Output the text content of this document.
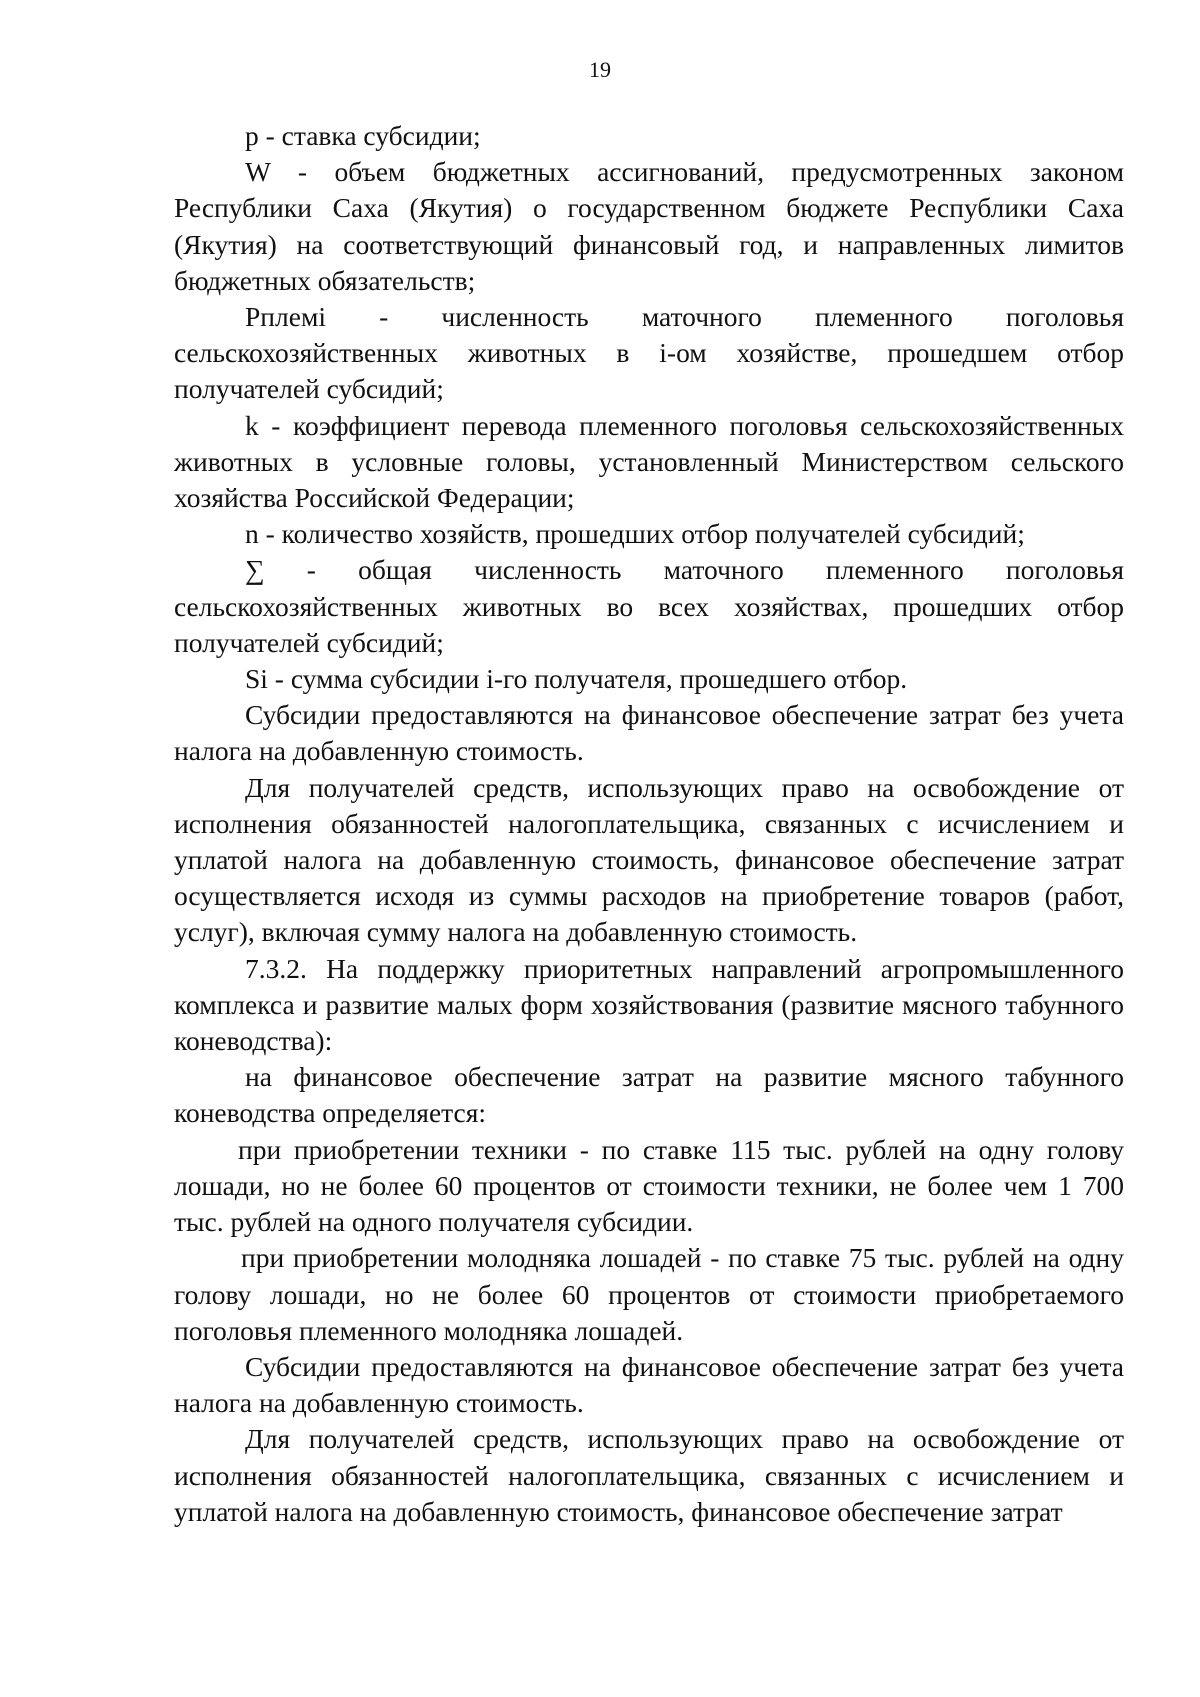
19

р - ставка субсидии;

W - объем бюджетных ассигнований, предусмотренных законом Республики Саха (Якутия) о государственном бюджете Республики Саха (Якутия) на соответствующий финансовый год, и направленных лимитов бюджетных обязательств;

Рплемi - численность маточного племенного поголовья сельскохозяйственных животных в i-ом хозяйстве, прошедшем отбор получателей субсидий;

k - коэффициент перевода племенного поголовья сельскохозяйственных животных в условные головы, установленный Министерством сельского хозяйства Российской Федерации;

n - количество хозяйств, прошедших отбор получателей субсидий;

∑ - общая численность маточного племенного поголовья сельскохозяйственных животных во всех хозяйствах, прошедших отбор получателей субсидий;

Si - сумма субсидии i-го получателя, прошедшего отбор.

Субсидии предоставляются на финансовое обеспечение затрат без учета налога на добавленную стоимость.

Для получателей средств, использующих право на освобождение от исполнения обязанностей налогоплательщика, связанных с исчислением и уплатой налога на добавленную стоимость, финансовое обеспечение затрат осуществляется исходя из суммы расходов на приобретение товаров (работ, услуг), включая сумму налога на добавленную стоимость.

7.3.2. На поддержку приоритетных направлений агропромышленного комплекса и развитие малых форм хозяйствования (развитие мясного табунного коневодства):

на финансовое обеспечение затрат на развитие мясного табунного коневодства определяется:

при приобретении техники - по ставке 115 тыс. рублей на одну голову лошади, но не более 60 процентов от стоимости техники, не более чем 1 700 тыс. рублей на одного получателя субсидии.

при приобретении молодняка лошадей - по ставке 75 тыс. рублей на одну голову лошади, но не более 60 процентов от стоимости приобретаемого поголовья племенного молодняка лошадей.

Субсидии предоставляются на финансовое обеспечение затрат без учета налога на добавленную стоимость.

Для получателей средств, использующих право на освобождение от исполнения обязанностей налогоплательщика, связанных с исчислением и уплатой налога на добавленную стоимость, финансовое обеспечение затрат
